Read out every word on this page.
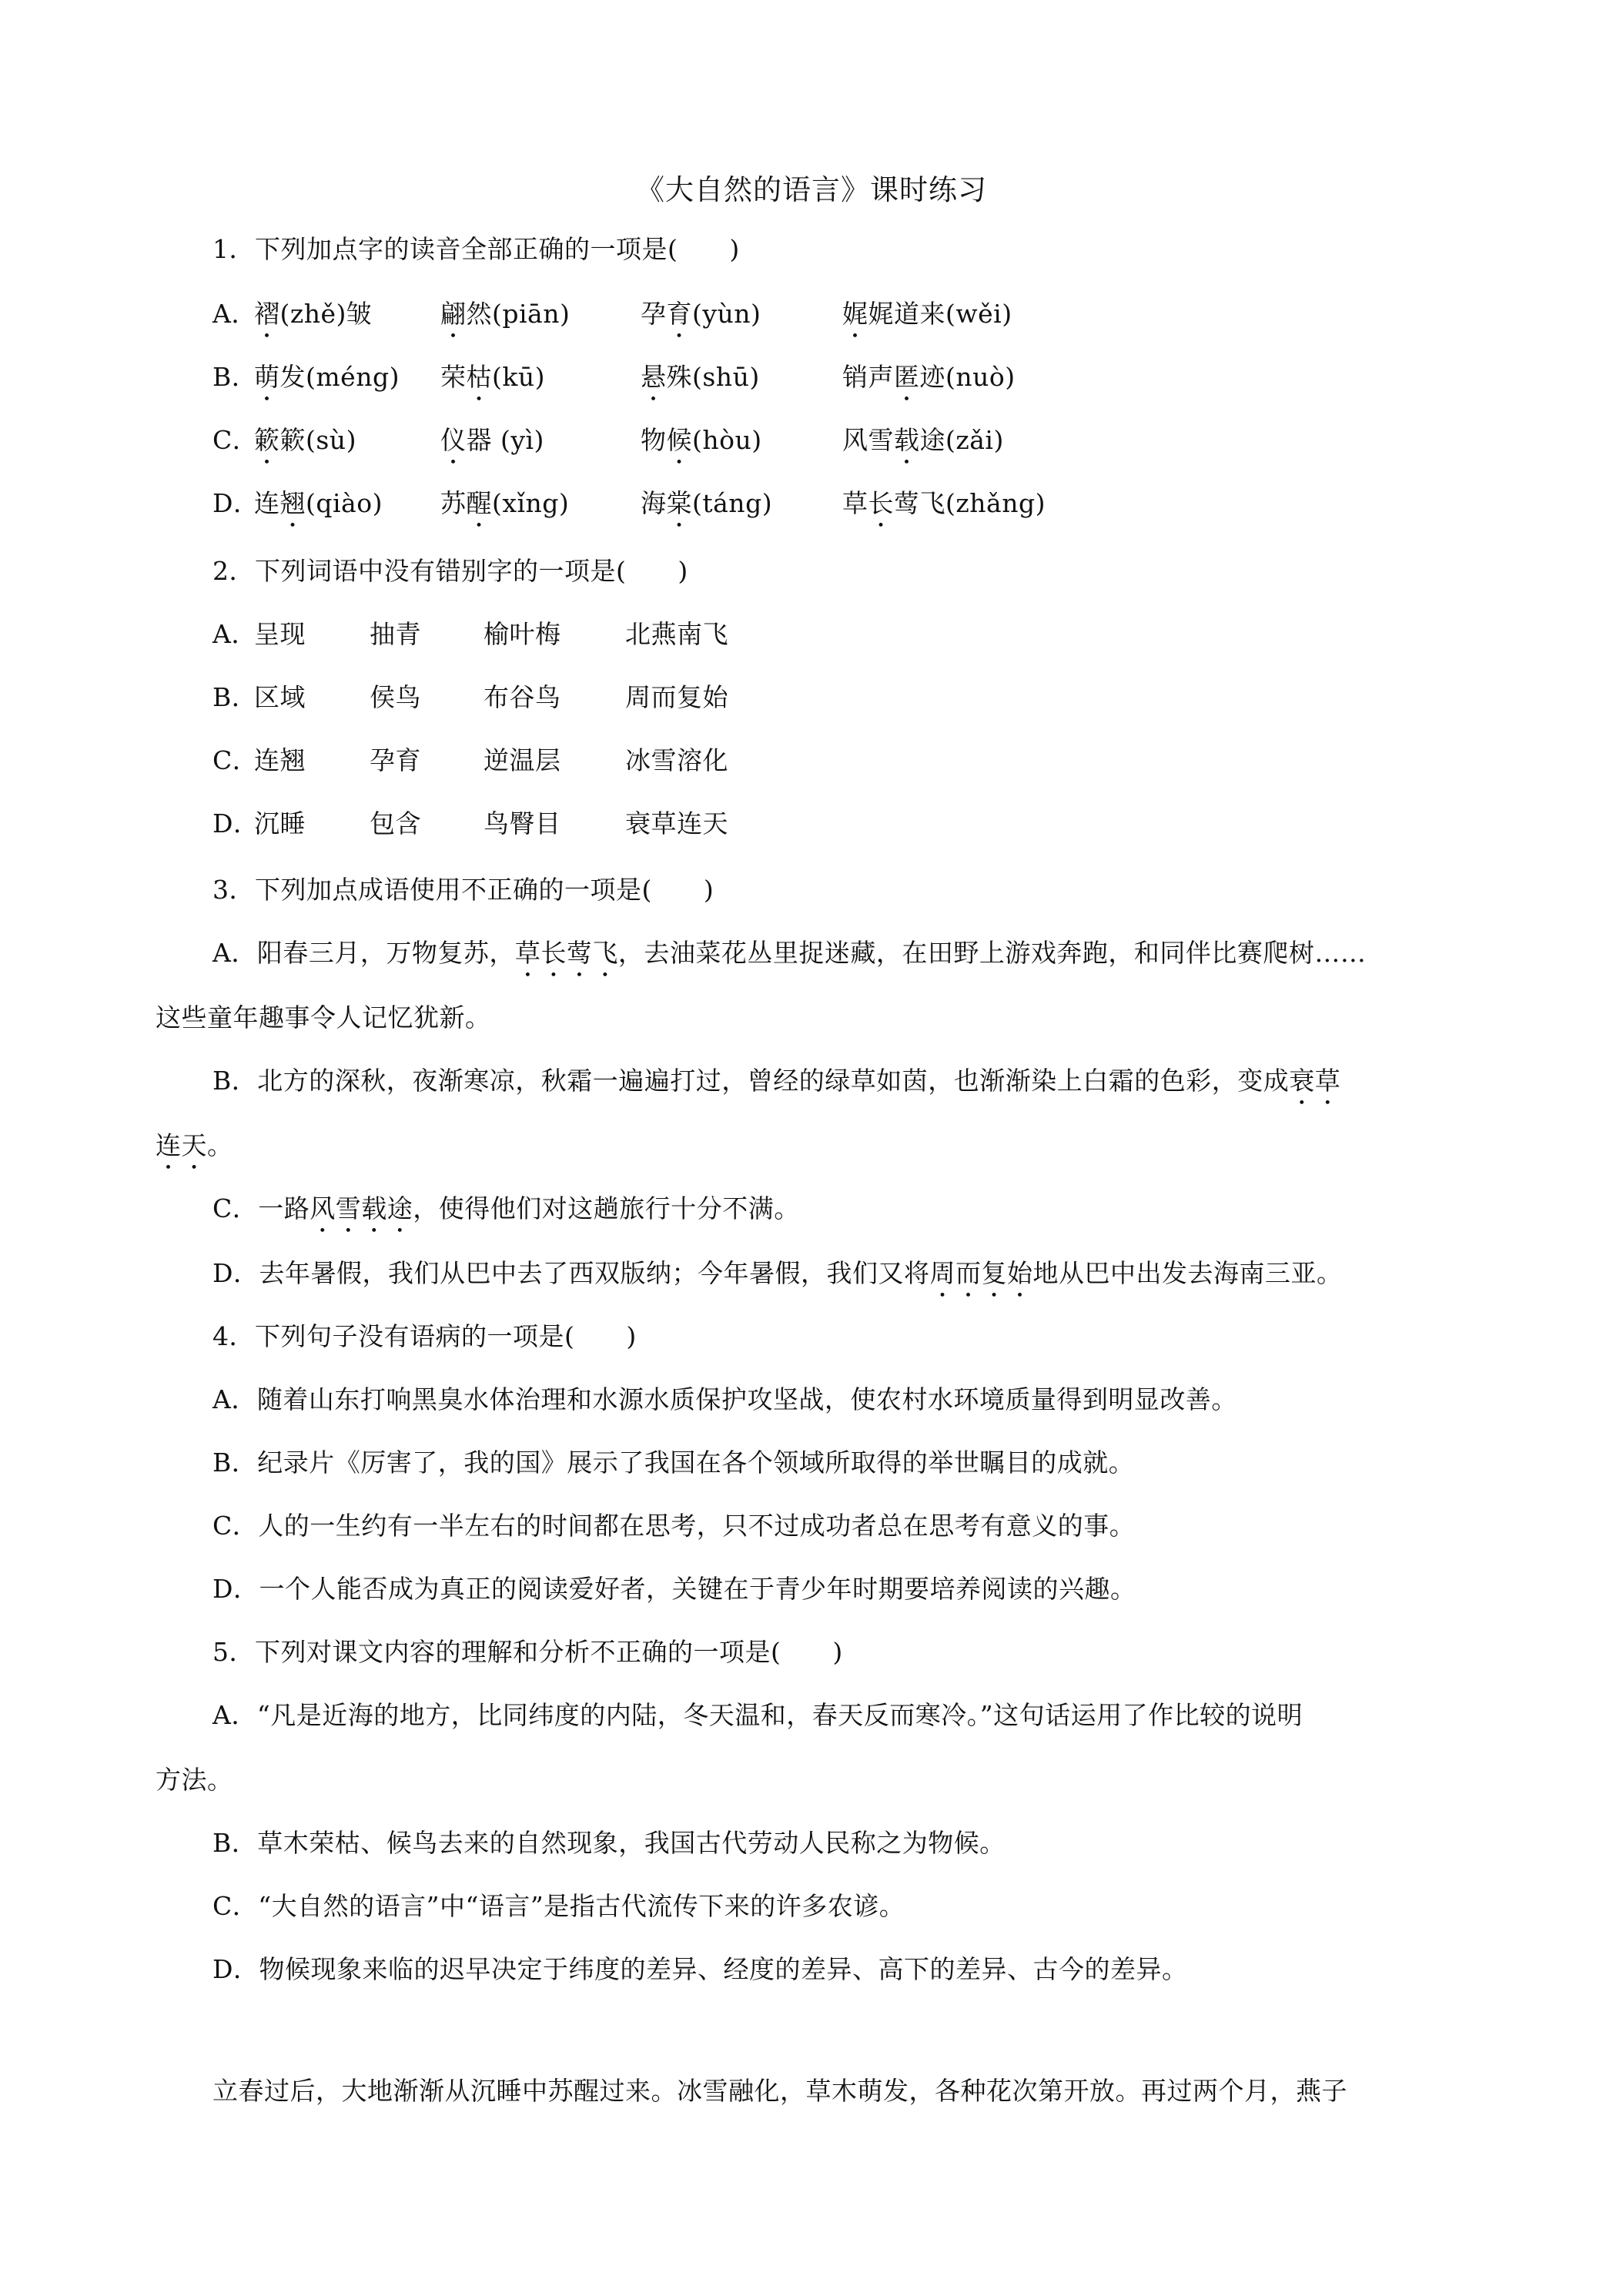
《大自然的语言》课时练习
1．下列加点字的读音全部正确的一项是(　　)
A．
褶(zhě)皱	翩然(piān)	孕育(yùn)	娓娓道来(wěi)
B．
萌发(méng) 荣枯(kū)	悬殊(shū)	销声匿迹(nuò)
C．
簌簌(sù)	仪器 (yì)	物候(hòu)	风雪载途(zǎi)
D．
连翘(qiào) 苏醒(xǐng)	海棠(táng)	草长莺飞(zhǎng)
2．下列词语中没有错别字的一项是(　　)
A．
呈现	抽青 榆叶梅	北燕南飞
B．
区域	侯鸟 布谷鸟	周而复始
C．
连翘	孕育 逆温层	冰雪溶化
D．
沉睡	包含 鸟臀目	衰草连天
3．下列加点成语使用不正确的一项是(　　)
A．阳春三月，万物复苏，草长莺飞，去油菜花丛里捉迷藏，在田野上游戏奔跑，和同伴比赛爬树……
这些童年趣事令人记忆犹新。
B．北方的深秋，夜渐寒凉，秋霜一遍遍打过，曾经的绿草如茵，也渐渐染上白霜的色彩，变成衰草
连天。
C．一路风雪载途，使得他们对这趟旅行十分不满。
D．去年暑假，我们从巴中去了西双版纳；今年暑假，我们又将周而复始地从巴中出发去海南三亚。
4．下列句子没有语病的一项是(　　)
A．随着山东打响黑臭水体治理和水源水质保护攻坚战，使农村水环境质量得到明显改善。
B．纪录片《厉害了，我的国》展示了我国在各个领域所取得的举世瞩目的成就。
C．人的一生约有一半左右的时间都在思考，只不过成功者总在思考有意义的事。
D．一个人能否成为真正的阅读爱好者，关键在于青少年时期要培养阅读的兴趣。
5．下列对课文内容的理解和分析不正确的一项是(　　)
A．“凡是近海的地方，比同纬度的内陆，冬天温和，春天反而寒冷。”这句话运用了作比较的说明
方法。
B．草木荣枯、候鸟去来的自然现象，我国古代劳动人民称之为物候。
C．“大自然的语言”中“语言”是指古代流传下来的许多农谚。
D．物候现象来临的迟早决定于纬度的差异、经度的差异、高下的差异、古今的差异。
立春过后，大地渐渐从沉睡中苏醒过来。冰雪融化，草木萌发，各种花次第开放。再过两个月，燕子
